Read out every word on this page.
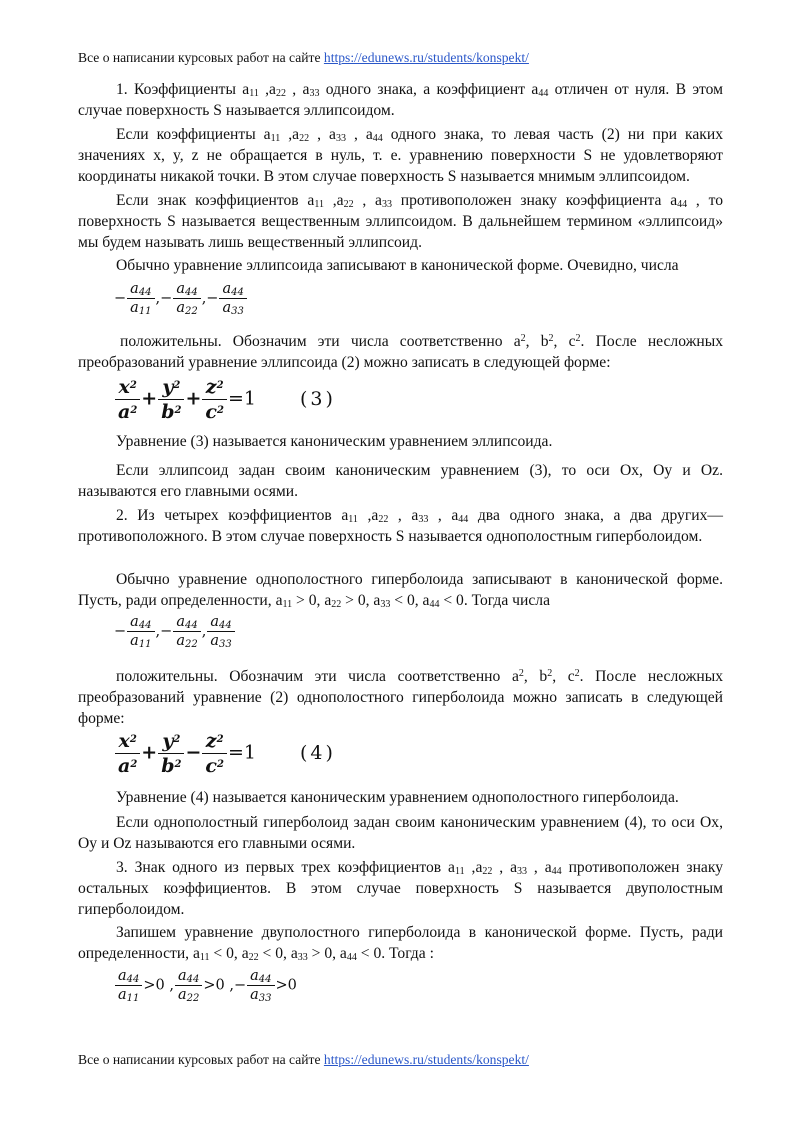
Все о написании курсовых работ на сайте https://edunews.ru/students/konspekt/
1. Коэффициенты $a_{11}$ $,a_{22}$ , $a_{33}$ одного знака, а коэффициент $a_{44}$ отличен от нуля. В этом случае поверхность S называется эллипсоидом.
Если коэффициенты $a_{11}$ $,a_{22}$ , $a_{33}$ , $a_{44}$ одного знака, то левая часть (2) ни при каких значениях x, y, z не обращается в нуль, т. е. уравнению поверхности S не удовлетворяют координаты никакой точки. В этом случае поверхность S называется мнимым эллипсоидом.
Если знак коэффициентов $a_{11}$ $,a_{22}$ , $a_{33}$ противоположен знаку коэффициента $a_{44}$ , то поверхность S называется вещественным эллипсоидом. В дальнейшем термином «эллипсоид» мы будем называть лишь вещественный эллипсоид.
Обычно уравнение эллипсоида записывают в канонической форме. Очевидно, числа
− $\frac{a_{44}}{a_{11}}$ ,− $\frac{a_{44}}{a_{22}}$ ,− $\frac{a_{44}}{a_{33}}$
положительны. Обозначим эти числа соответственно $a^2$, $b^2$, $c^2$. После несложных преобразований уравнение эллипсоида (2) можно записать в следующей форме:
$\frac{x^2}{a^2} + \frac{y^2}{b^2} + \frac{z^2}{c^2} =1$ (3)
Уравнение (3) называется каноническим уравнением эллипсоида.
Если эллипсоид задан своим каноническим уравнением (3), то оси Ox, Oy и Oz. называются его главными осями.
2. Из четырех коэффициентов $a_{11}$ $,a_{22}$ , $a_{33}$ , $a_{44}$ два одного знака, а два других—противоположного. В этом случае поверхность S называется однополостным гиперболоидом.
Обычно уравнение однополостного гиперболоида записывают в канонической форме. Пусть, ради определенности, $a_{11} > 0$, $a_{22} > 0$, $a_{33} < 0$, $a_{44} < 0$. Тогда числа
− $\frac{a_{44}}{a_{11}}$ ,− $\frac{a_{44}}{a_{22}}$ , $\frac{a_{44}}{a_{33}}$
положительны. Обозначим эти числа соответственно $a^2$, $b^2$, $c^2$. После несложных преобразований уравнение (2) однополостного гиперболоида можно записать в следующей форме:
$\frac{x^2}{a^2} + \frac{y^2}{b^2} - \frac{z^2}{c^2} =1$ (4)
Уравнение (4) называется каноническим уравнением однополостного гиперболоида.
Если однополостный гиперболоид задан своим каноническим уравнением (4), то оси Ox, Oy и Oz называются его главными осями.
3. Знак одного из первых трех коэффициентов $a_{11}$ $,a_{22}$ , $a_{33}$ , $a_{44}$ противоположен знаку остальных коэффициентов. В этом случае поверхность S называется двуполостным гиперболоидом.
Запишем уравнение двуполостного гиперболоида в канонической форме. Пусть, ради определенности, $a_{11} < 0$, $a_{22} < 0$, $a_{33} > 0$, $a_{44} < 0$. Тогда :
$\frac{a_{44}}{a_{11}} >0$ , $\frac{a_{44}}{a_{22}} >0$ ,− $\frac{a_{44}}{a_{33}} >0$
Все о написании курсовых работ на сайте https://edunews.ru/students/konspekt/
